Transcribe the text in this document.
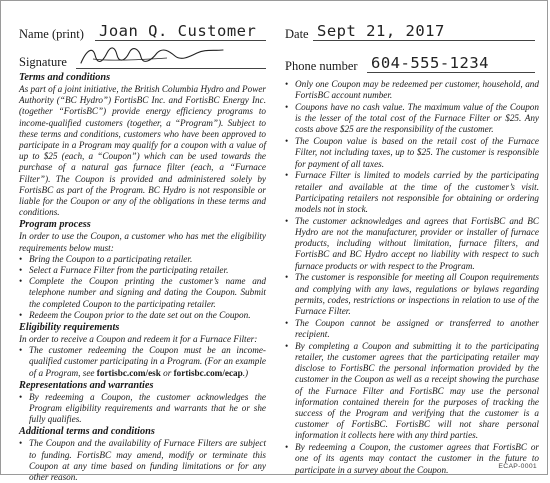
Name (print) Joan Q. Customer
Signature

Terms and conditions

As part of a joint initiative, the British Columbia Hydro and Power Authority (“BC Hydro”) FortisBC Inc. and FortisBC Energy Inc. (together “FortisBC”) provide energy efficiency programs to income-qualified customers (together, a “Program”). Subject to these terms and conditions, customers who have been approved to participate in a Program may qualify for a coupon with a value of up to $25 (each, a “Coupon”) which can be used towards the purchase of a natural gas furnace filter (each, a “Furnace Filter”). The Coupon is provided and administered solely by FortisBC as part of the Program. BC Hydro is not responsible or liable for the Coupon or any of the obligations in these terms and conditions.

Program process

In order to use the Coupon, a customer who has met the eligibility requirements below must:

• Bring the Coupon to a participating retailer.
• Select a Furnace Filter from the participating retailer.
• Complete the Coupon printing the customer’s name and telephone number and signing and dating the Coupon. Submit the completed Coupon to the participating retailer.
• Redeem the Coupon prior to the date set out on the Coupon.

Eligibility requirements

In order to receive a Coupon and redeem it for a Furnace Filter:

• The customer redeeming the Coupon must be an income-qualified customer participating in a Program. (For an example of a Program, see fortisbc.com/esk or fortisbc.com/ecap.)

Representations and warranties

• By redeeming a Coupon, the customer acknowledges the Program eligibility requirements and warrants that he or she fully qualifies.

Additional terms and conditions

• The Coupon and the availability of Furnace Filters are subject to funding. FortisBC may amend, modify or terminate this Coupon at any time based on funding limitations or for any other reason.
Date Sept 21, 2017
Phone number 604-555-1234
• Only one Coupon may be redeemed per customer, household, and FortisBC account number.
• Coupons have no cash value. The maximum value of the Coupon is the lesser of the total cost of the Furnace Filter or $25. Any costs above $25 are the responsibility of the customer.
• The Coupon value is based on the retail cost of the Furnace Filter, not including taxes, up to $25. The customer is responsible for payment of all taxes.
• Furnace Filter is limited to models carried by the participating retailer and available at the time of the customer’s visit. Participating retailers not responsible for obtaining or ordering models not in stock.
• The customer acknowledges and agrees that FortisBC and BC Hydro are not the manufacturer, provider or installer of furnace products, including without limitation, furnace filters, and FortisBC and BC Hydro accept no liability with respect to such furnace products or with respect to the Program.
• The customer is responsible for meeting all Coupon requirements and complying with any laws, regulations or bylaws regarding permits, codes, restrictions or inspections in relation to use of the Furnace Filter.
• The Coupon cannot be assigned or transferred to another recipient.
• By completing a Coupon and submitting it to the participating retailer, the customer agrees that the participating retailer may disclose to FortisBC the personal information provided by the customer in the Coupon as well as a receipt showing the purchase of the Furnace Filter and FortisBC may use the personal information contained therein for the purposes of tracking the success of the Program and verifying that the customer is a customer of FortisBC. FortisBC will not share personal information it collects here with any third parties.
• By redeeming a Coupon, the customer agrees that FortisBC or one of its agents may contact the customer in the future to participate in a survey about the Coupon.	ECAP-0001
